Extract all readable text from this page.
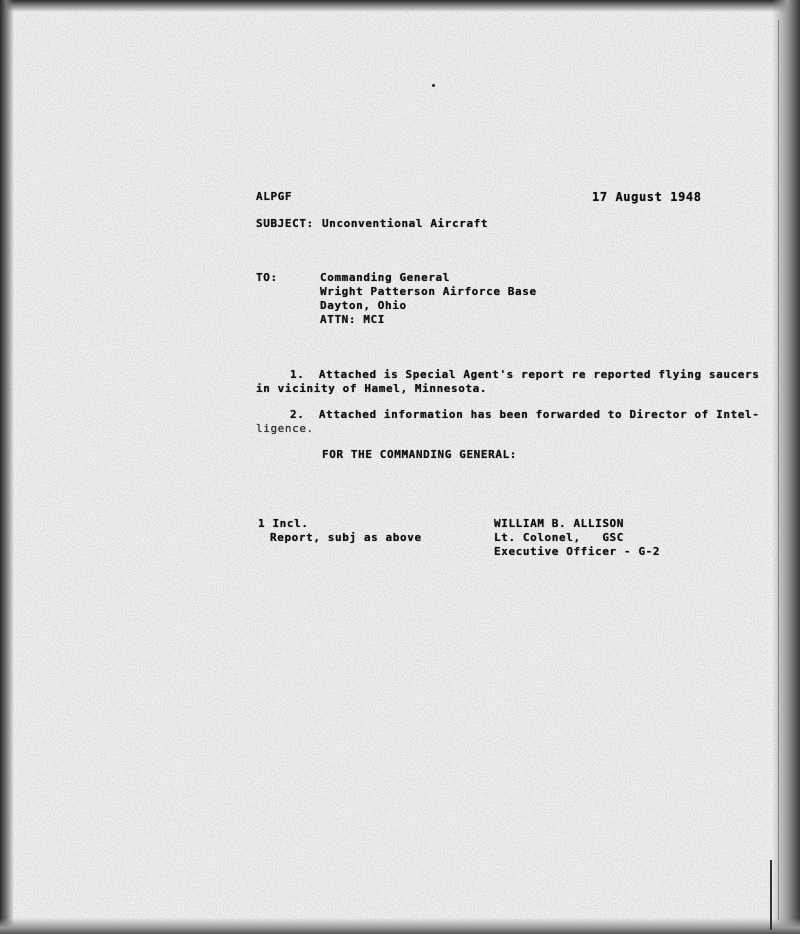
ALPGF	17 August 1948
SUBJECT: Unconventional Aircraft
TO:	Commanding General
Wright Patterson Airforce Base
Dayton, Ohio
ATTN: MCI
1.  Attached is Special Agent's report re reported flying saucers
in vicinity of Hamel, Minnesota.
2.  Attached information has been forwarded to Director of Intel-
ligence.
FOR THE COMMANDING GENERAL:
1 Incl.
Report, subj as above
WILLIAM B. ALLISON
Lt. Colonel,   GSC
Executive Officer - G-2
